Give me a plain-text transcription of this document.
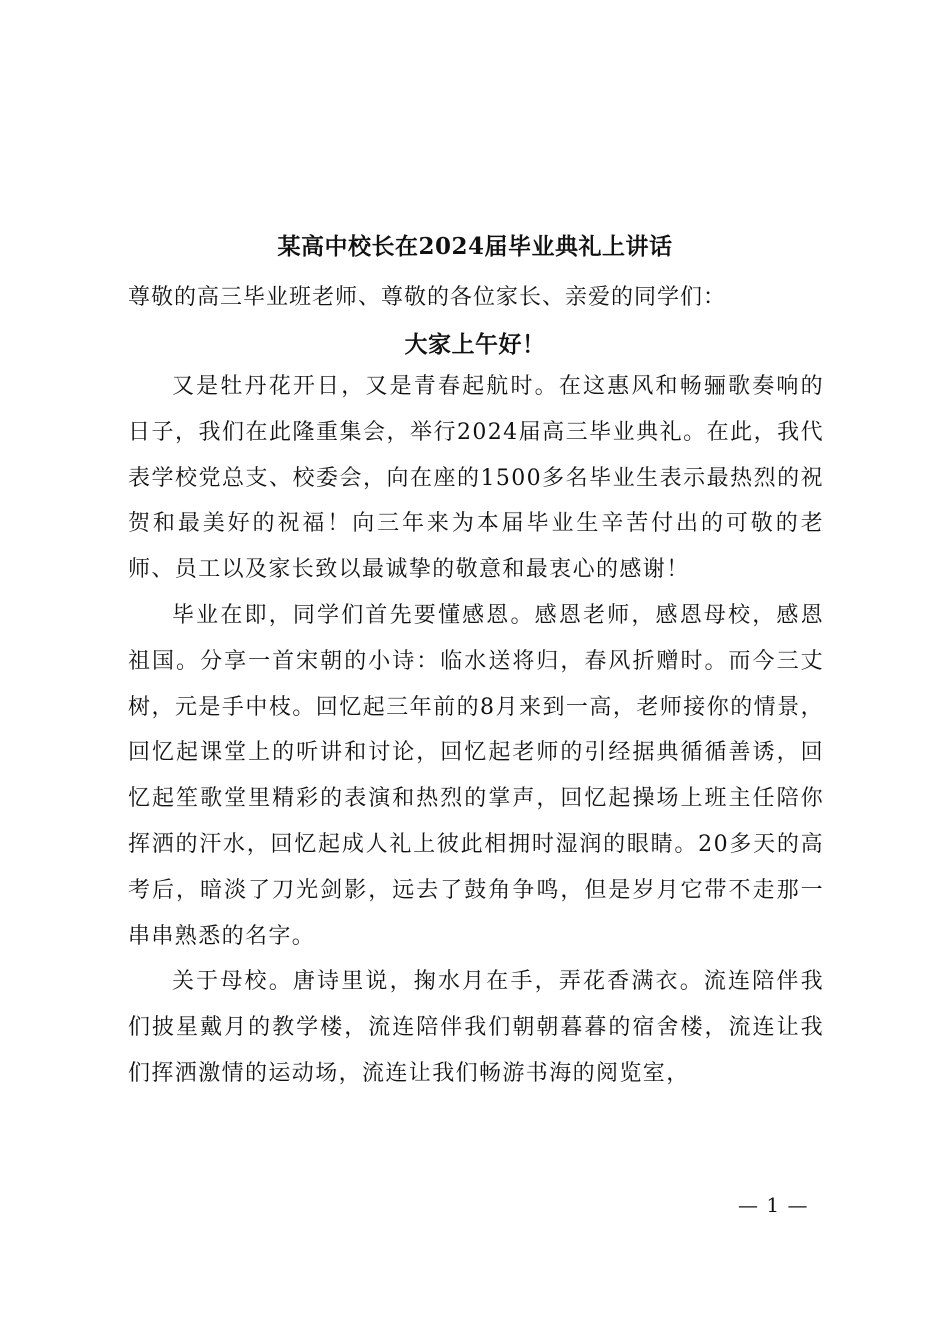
某高中校长在2024届毕业典礼上讲话
尊敬的高三毕业班老师、尊敬的各位家长、亲爱的同学们：
大家上午好！

又是牡丹花开日，又是青春起航时。在这惠风和畅骊歌奏响的日子，我们在此隆重集会，举行2024届高三毕业典礼。在此，我代表学校党总支、校委会，向在座的1500多名毕业生表示最热烈的祝贺和最美好的祝福！向三年来为本届毕业生辛苦付出的可敬的老师、员工以及家长致以最诚挚的敬意和最衷心的感谢！

毕业在即，同学们首先要懂感恩。感恩老师，感恩母校，感恩祖国。分享一首宋朝的小诗：临水送将归，春风折赠时。而今三丈树，元是手中枝。回忆起三年前的8月来到一高，老师接你的情景，回忆起课堂上的听讲和讨论，回忆起老师的引经据典循循善诱，回忆起笙歌堂里精彩的表演和热烈的掌声，回忆起操场上班主任陪你挥洒的汗水，回忆起成人礼上彼此相拥时湿润的眼睛。20多天的高考后，暗淡了刀光剑影，远去了鼓角争鸣，但是岁月它带不走那一串串熟悉的名字。

关于母校。唐诗里说，掬水月在手，弄花香满衣。流连陪伴我们披星戴月的教学楼，流连陪伴我们朝朝暮暮的宿舍楼，流连让我们挥洒激情的运动场，流连让我们畅游书海的阅览室，

— 1 —
